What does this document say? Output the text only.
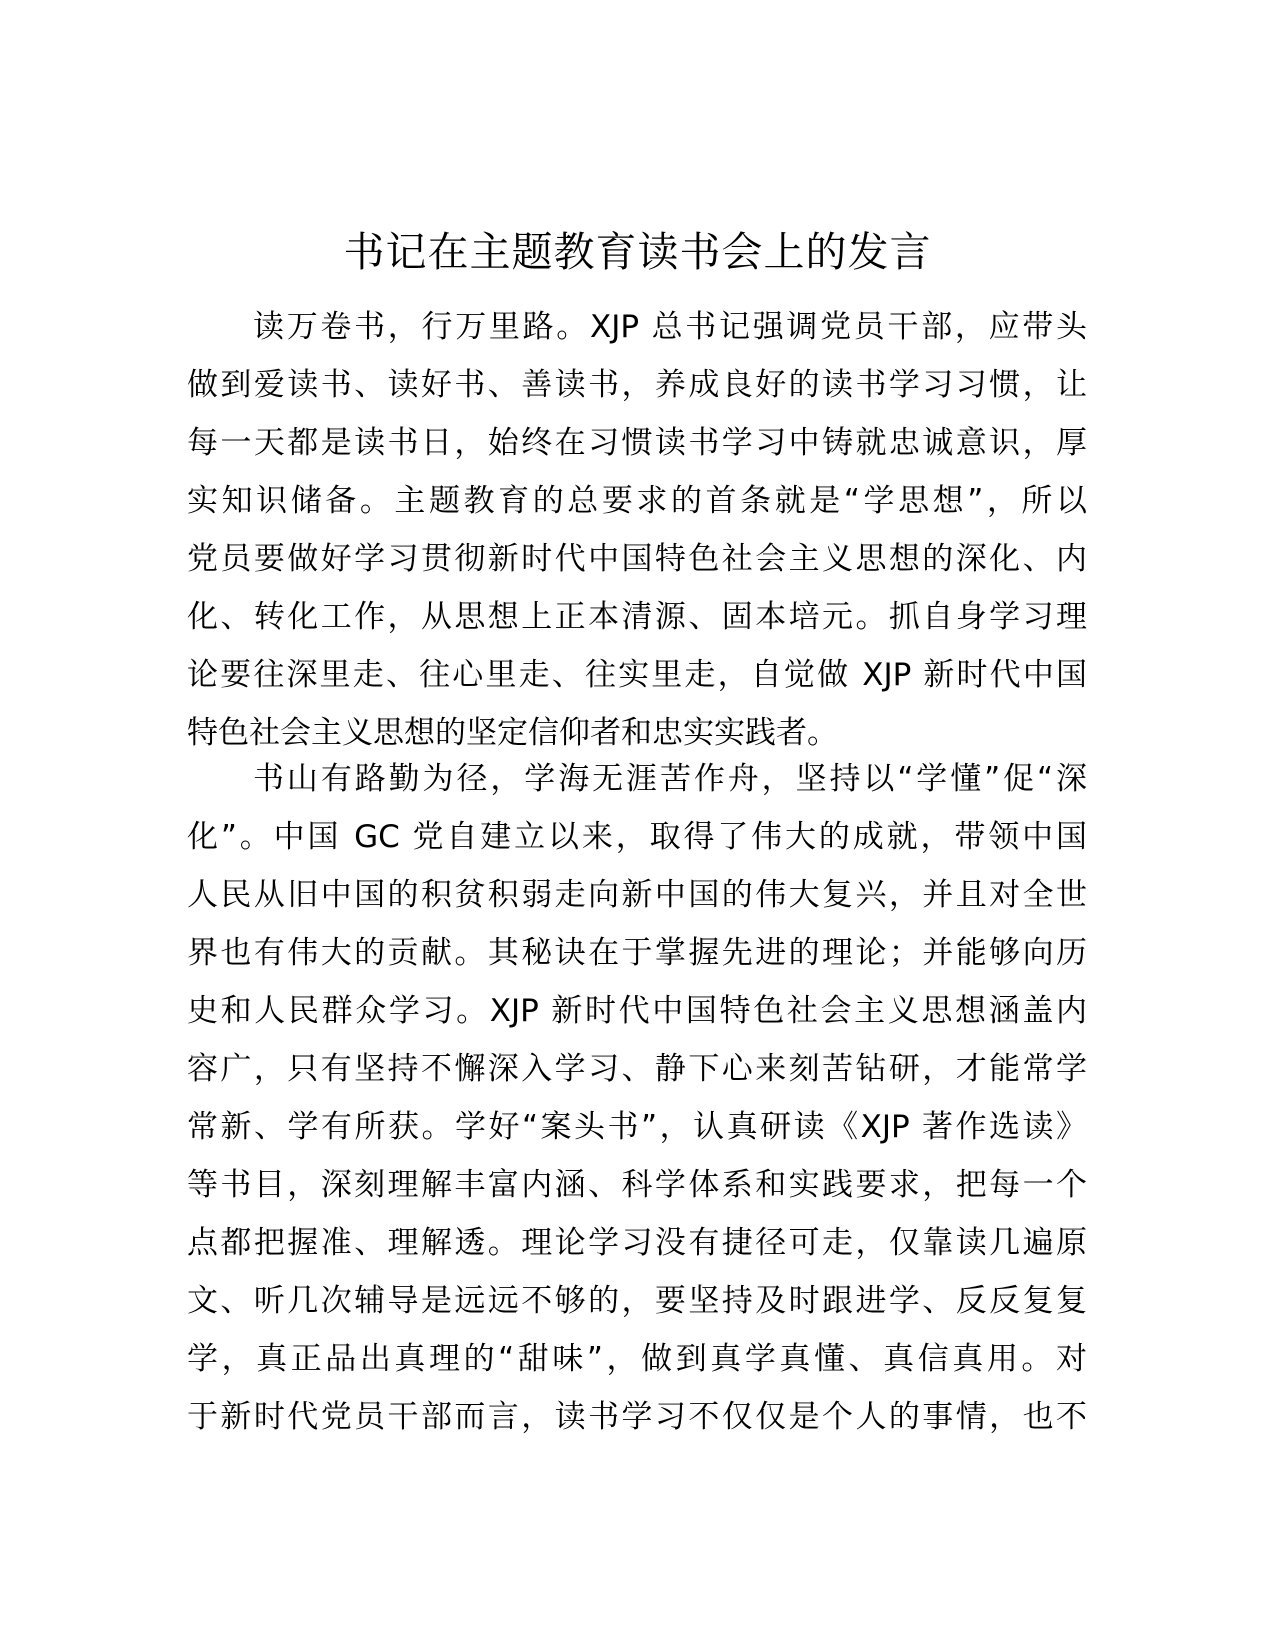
书记在主题教育读书会上的发言
读万卷书，行万里路。XJP 总书记强调党员干部，应带头
做到爱读书、读好书、善读书，养成良好的读书学习习惯，让
每一天都是读书日，始终在习惯读书学习中铸就忠诚意识，厚
实知识储备。主题教育的总要求的首条就是“学思想”，所以
党员要做好学习贯彻新时代中国特色社会主义思想的深化、内
化、转化工作，从思想上正本清源、固本培元。抓自身学习理
论要往深里走、往心里走、往实里走，自觉做 XJP 新时代中国
特色社会主义思想的坚定信仰者和忠实实践者。
书山有路勤为径，学海无涯苦作舟，坚持以“学懂”促“深
化”。中国 GC 党自建立以来，取得了伟大的成就，带领中国
人民从旧中国的积贫积弱走向新中国的伟大复兴，并且对全世
界也有伟大的贡献。其秘诀在于掌握先进的理论；并能够向历
史和人民群众学习。XJP 新时代中国特色社会主义思想涵盖内
容广，只有坚持不懈深入学习、静下心来刻苦钻研，才能常学
常新、学有所获。学好“案头书”，认真研读《XJP 著作选读》
等书目，深刻理解丰富内涵、科学体系和实践要求，把每一个
点都把握准、理解透。理论学习没有捷径可走，仅靠读几遍原
文、听几次辅导是远远不够的，要坚持及时跟进学、反反复复
学，真正品出真理的“甜味”，做到真学真懂、真信真用。对
于新时代党员干部而言，读书学习不仅仅是个人的事情，也不
